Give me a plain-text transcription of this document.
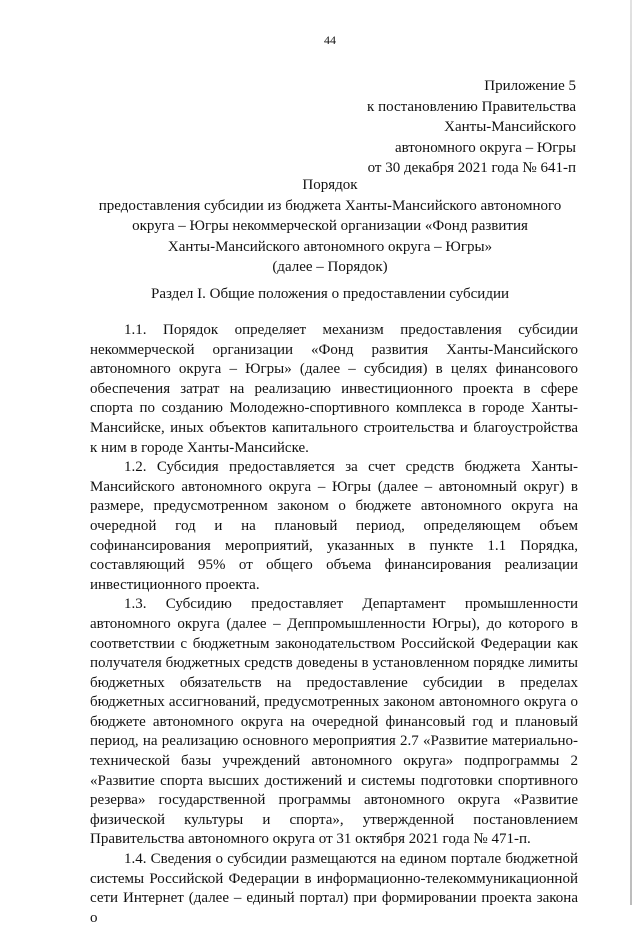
44
Приложение 5
к постановлению Правительства
Ханты-Мансийского
автономного округа – Югры
от 30 декабря 2021 года № 641-п
Порядок
предоставления субсидии из бюджета Ханты-Мансийского автономного
округа – Югры некоммерческой организации «Фонд развития
Ханты-Мансийского автономного округа – Югры»
(далее – Порядок)
Раздел I. Общие положения о предоставлении субсидии

1.1. Порядок определяет механизм предоставления субсидии некоммерческой организации «Фонд развития Ханты-Мансийского автономного округа – Югры» (далее – субсидия) в целях финансового обеспечения затрат на реализацию инвестиционного проекта в сфере спорта по созданию Молодежно-спортивного комплекса в городе Ханты-Мансийске, иных объектов капитального строительства и благоустройства к ним в городе Ханты-Мансийске.

1.2. Субсидия предоставляется за счет средств бюджета Ханты-Мансийского автономного округа – Югры (далее – автономный округ) в размере, предусмотренном законом о бюджете автономного округа на очередной год и на плановый период, определяющем объем софинансирования мероприятий, указанных в пункте 1.1 Порядка, составляющий 95% от общего объема финансирования реализации инвестиционного проекта.

1.3. Субсидию предоставляет Департамент промышленности автономного округа (далее – Деппромышленности Югры), до которого в соответствии с бюджетным законодательством Российской Федерации как получателя бюджетных средств доведены в установленном порядке лимиты бюджетных обязательств на предоставление субсидии в пределах бюджетных ассигнований, предусмотренных законом автономного округа о бюджете автономного округа на очередной финансовый год и плановый период, на реализацию основного мероприятия 2.7 «Развитие материально-технической базы учреждений автономного округа» подпрограммы 2 «Развитие спорта высших достижений и системы подготовки спортивного резерва» государственной программы автономного округа «Развитие физической культуры и спорта», утвержденной постановлением Правительства автономного округа от 31 октября 2021 года № 471-п.

1.4. Сведения о субсидии размещаются на едином портале бюджетной системы Российской Федерации в информационно-телекоммуникационной сети Интернет (далее – единый портал) при формировании проекта закона о
